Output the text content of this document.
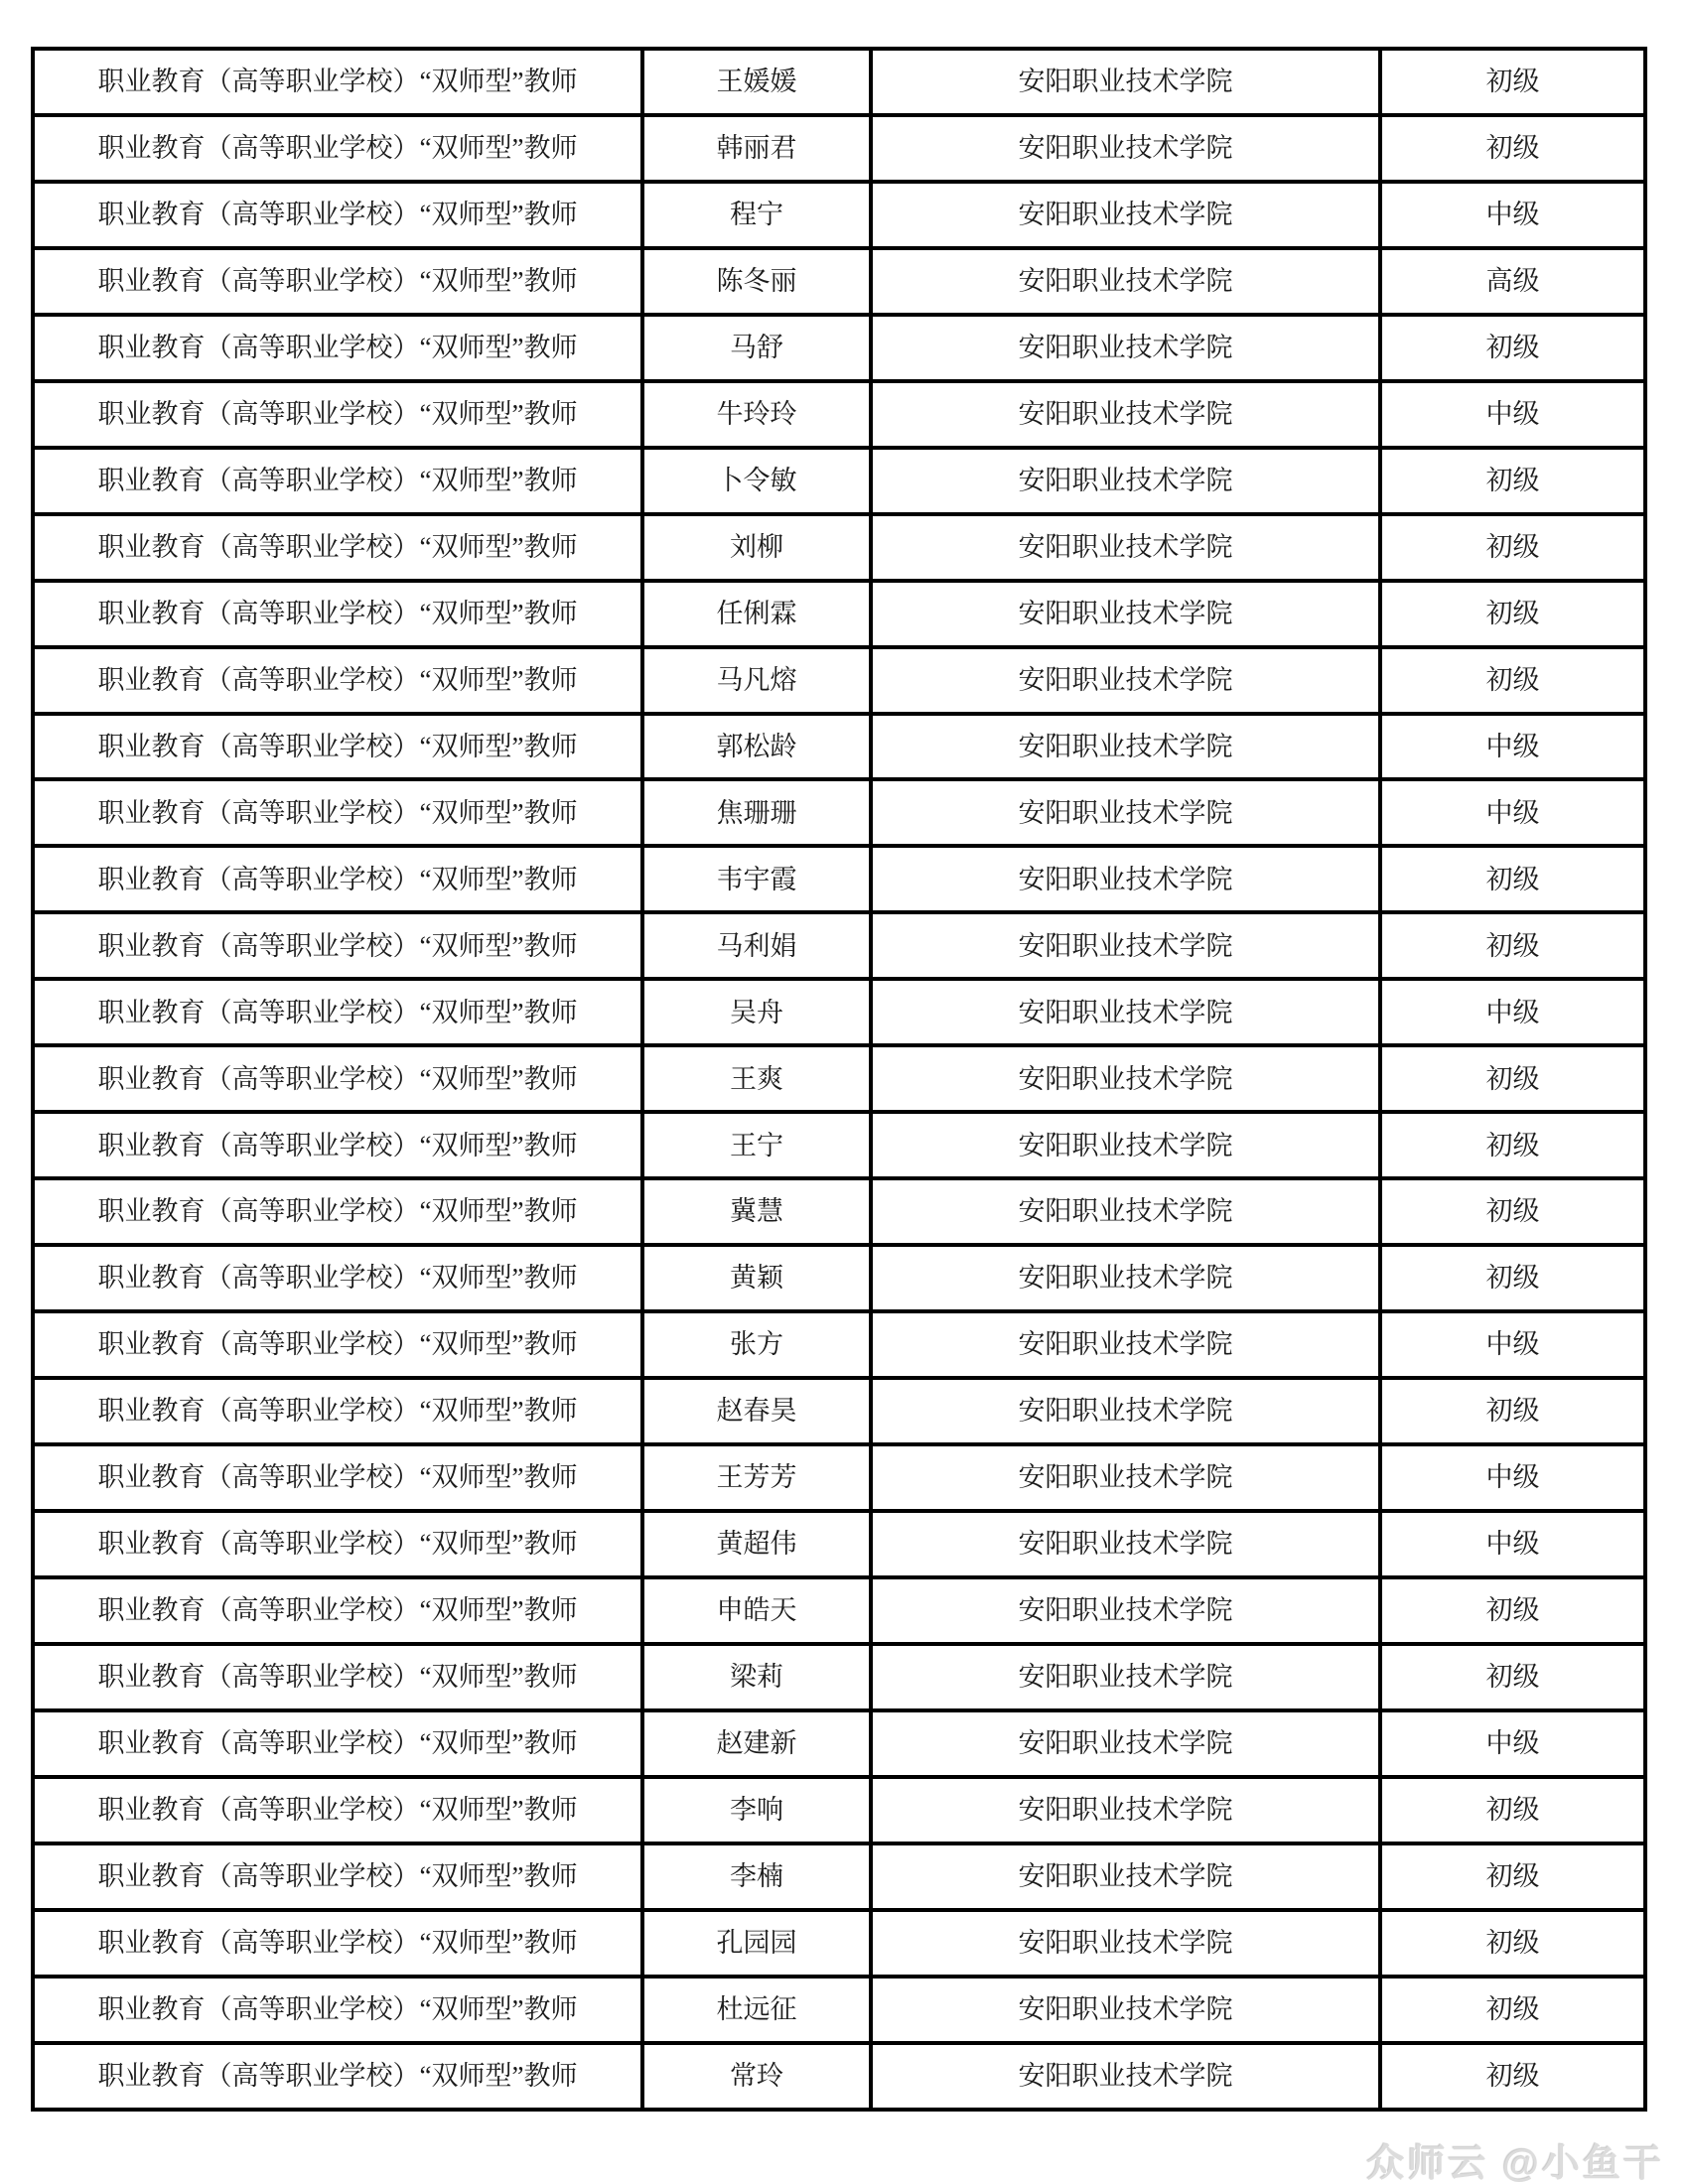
职业教育（高等职业学校）“双师型”教师	王媛媛	安阳职业技术学院	初级
职业教育（高等职业学校）“双师型”教师	韩丽君	安阳职业技术学院	初级
职业教育（高等职业学校）“双师型”教师	程宁	安阳职业技术学院	中级
职业教育（高等职业学校）“双师型”教师	陈冬丽	安阳职业技术学院	高级
职业教育（高等职业学校）“双师型”教师	马舒	安阳职业技术学院	初级
职业教育（高等职业学校）“双师型”教师	牛玲玲	安阳职业技术学院	中级
职业教育（高等职业学校）“双师型”教师	卜令敏	安阳职业技术学院	初级
职业教育（高等职业学校）“双师型”教师	刘柳	安阳职业技术学院	初级
职业教育（高等职业学校）“双师型”教师	任俐霖	安阳职业技术学院	初级
职业教育（高等职业学校）“双师型”教师	马凡熔	安阳职业技术学院	初级
职业教育（高等职业学校）“双师型”教师	郭松龄	安阳职业技术学院	中级
职业教育（高等职业学校）“双师型”教师	焦珊珊	安阳职业技术学院	中级
职业教育（高等职业学校）“双师型”教师	韦宇霞	安阳职业技术学院	初级
职业教育（高等职业学校）“双师型”教师	马利娟	安阳职业技术学院	初级
职业教育（高等职业学校）“双师型”教师	吴舟	安阳职业技术学院	中级
职业教育（高等职业学校）“双师型”教师	王爽	安阳职业技术学院	初级
职业教育（高等职业学校）“双师型”教师	王宁	安阳职业技术学院	初级
职业教育（高等职业学校）“双师型”教师	冀慧	安阳职业技术学院	初级
职业教育（高等职业学校）“双师型”教师	黄颖	安阳职业技术学院	初级
职业教育（高等职业学校）“双师型”教师	张方	安阳职业技术学院	中级
职业教育（高等职业学校）“双师型”教师	赵春昊	安阳职业技术学院	初级
职业教育（高等职业学校）“双师型”教师	王芳芳	安阳职业技术学院	中级
职业教育（高等职业学校）“双师型”教师	黄超伟	安阳职业技术学院	中级
职业教育（高等职业学校）“双师型”教师	申皓天	安阳职业技术学院	初级
职业教育（高等职业学校）“双师型”教师	梁莉	安阳职业技术学院	初级
职业教育（高等职业学校）“双师型”教师	赵建新	安阳职业技术学院	中级
职业教育（高等职业学校）“双师型”教师	李响	安阳职业技术学院	初级
职业教育（高等职业学校）“双师型”教师	李楠	安阳职业技术学院	初级
职业教育（高等职业学校）“双师型”教师	孔园园	安阳职业技术学院	初级
职业教育（高等职业学校）“双师型”教师	杜远征	安阳职业技术学院	初级
职业教育（高等职业学校）“双师型”教师	常玲	安阳职业技术学院	初级
众师云 @小鱼干
